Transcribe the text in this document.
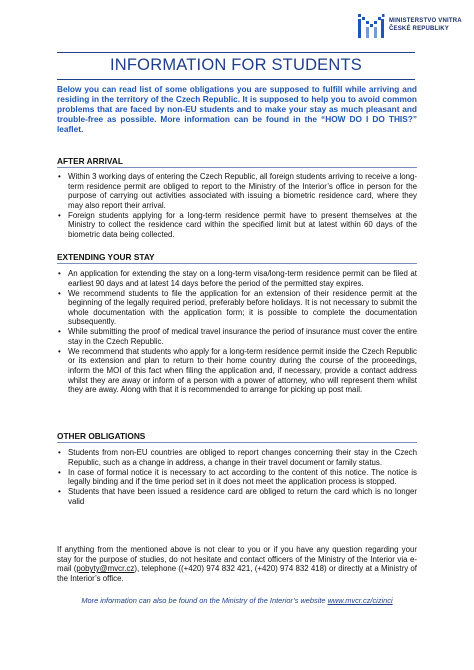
MINISTERSTVO VNITRA
ČESKÉ REPUBLIKY
INFORMATION FOR STUDENTS
Below you can read list of some obligations you are supposed to fulfill while arriving and residing in the territory of the Czech Republic. It is supposed to help you to avoid common problems that are faced by non-EU students and to make your stay as much pleasant and trouble-free as possible. More information can be found in the “HOW DO I DO THIS?” leaflet.
AFTER ARRIVAL
• Within 3 working days of entering the Czech Republic, all foreign students arriving to receive a long-term residence permit are obliged to report to the Ministry of the Interior’s office in person for the purpose of carrying out activities associated with issuing a biometric residence card, where they may also report their arrival.
• Foreign students applying for a long-term residence permit have to present themselves at the Ministry to collect the residence card within the specified limit but at latest within 60 days of the biometric data being collected.
EXTENDING YOUR STAY
• An application for extending the stay on a long-term visa/long-term residence permit can be filed at earliest 90 days and at latest 14 days before the period of the permitted stay expires.
• We recommend students to file the application for an extension of their residence permit at the beginning of the legally required period, preferably before holidays. It is not necessary to submit the whole documentation with the application form; it is possible to complete the documentation subsequently.
• While submitting the proof of medical travel insurance the period of insurance must cover the entire stay in the Czech Republic.
• We recommend that students who apply for a long-term residence permit inside the Czech Republic or its extension and plan to return to their home country during the course of the proceedings, inform the MOI of this fact when filing the application and, if necessary, provide a contact address whilst they are away or inform of a person with a power of attorney, who will represent them whilst they are away. Along with that it is recommended to arrange for picking up post mail.
OTHER OBLIGATIONS
• Students from non-EU countries are obliged to report changes concerning their stay in the Czech Republic, such as a change in address, a change in their travel document or family status.
• In case of formal notice it is necessary to act according to the content of this notice. The notice is legally binding and if the time period set in it does not meet the application process is stopped.
• Students that have been issued a residence card are obliged to return the card which is no longer valid
If anything from the mentioned above is not clear to you or if you have any question regarding your stay for the purpose of studies, do not hesitate and contact officers of the Ministry of the Interior via e-mail (pobyty@mvcr.cz), telephone ((+420) 974 832 421, (+420) 974 832 418) or directly at a Ministry of the Interior’s office.
More information can also be found on the Ministry of the Interior’s website www.mvcr.cz/cizinci
